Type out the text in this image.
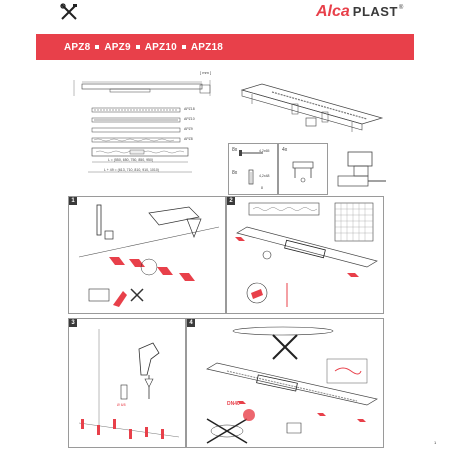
Alca PLAST ®
APZ8 APZ9 APZ10 APZ18
[ mm ]
APZ18
APZ10
APZ9
APZ8
L = (550, 650, 750, 850, 950)
L + 49 = (613, 710, 810, 910, 1010)
8x	4,2x65
8x	4,2x48
8
4x
1	2
3
Ø 6/8
4
DN40
1
